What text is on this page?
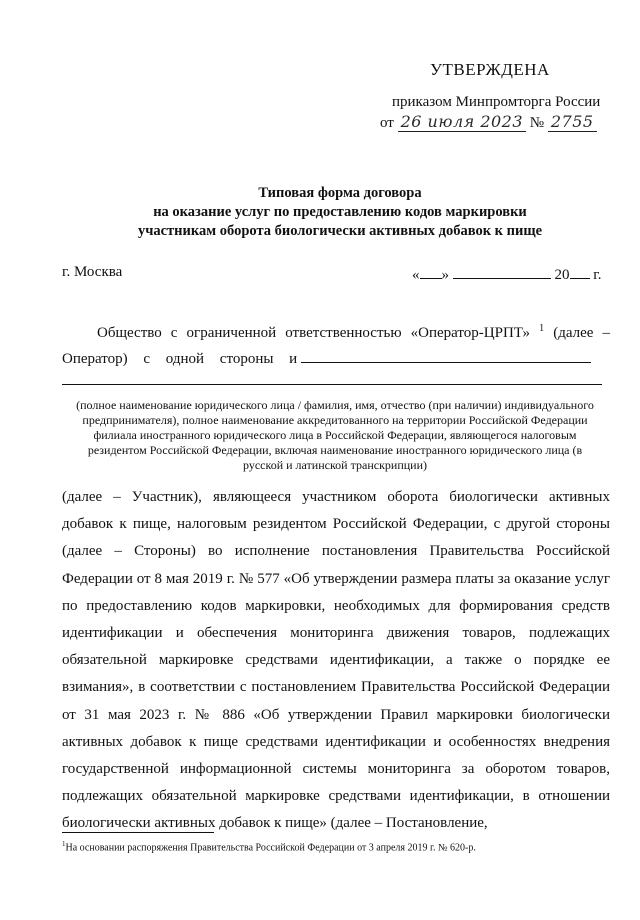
УТВЕРЖДЕНА
приказом Минпромторга России
от 26 июля 2023 № 2755
Типовая форма договора
на оказание услуг по предоставлению кодов маркировки
участникам оборота биологически активных добавок к пище
г. Москва	« »	20 г.
Общество с ограниченной ответственностью «Оператор-ЦРПТ» $^1$ (далее – Оператор) с одной стороны и
(полное наименование юридического лица / фамилия, имя, отчество (при наличии) индивидуального предпринимателя), полное наименование аккредитованного на территории Российской Федерации филиала иностранного юридического лица в Российской Федерации, являющегося налоговым резидентом Российской Федерации, включая наименование иностранного юридического лица (в русской и латинской транскрипции)
(далее – Участник), являющееся участником оборота биологически активных добавок к пище, налоговым резидентом Российской Федерации, с другой стороны (далее – Стороны) во исполнение постановления Правительства Российской Федерации от 8 мая 2019 г. № 577 «Об утверждении размера платы за оказание услуг по предоставлению кодов маркировки, необходимых для формирования средств идентификации и обеспечения мониторинга движения товаров, подлежащих обязательной маркировке средствами идентификации, а также о порядке ее взимания», в соответствии с постановлением Правительства Российской Федерации от 31 мая 2023 г. № 886 «Об утверждении Правил маркировки биологически активных добавок к пище средствами идентификации и особенностях внедрения государственной информационной системы мониторинга за оборотом товаров, подлежащих обязательной маркировке средствами идентификации, в отношении биологически активных добавок к пище» (далее – Постановление,
$^1$На основании распоряжения Правительства Российской Федерации от 3 апреля 2019 г. № 620-р.
